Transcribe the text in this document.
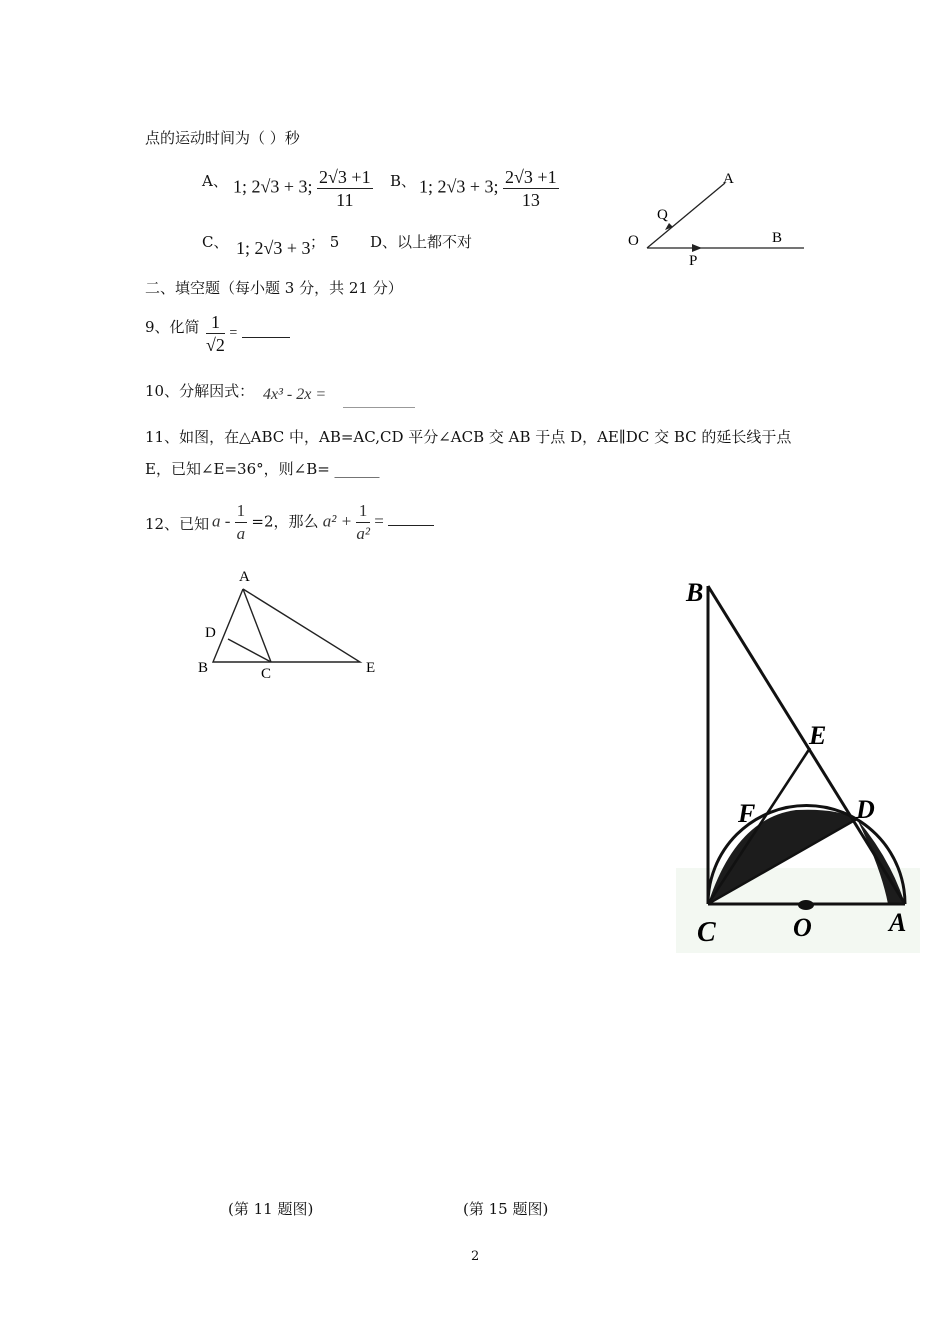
点的运动时间为（ ）秒
A、 1; 2√3 + 3; $\frac{2√3 +1}{11}$ B、 1; 2√3 + 3; $\frac{2√3 +1}{13}$
C、 1; 2√3 + 3 ； 5 D、以上都不对
A
Q
O	B
P
二、填空题（每小题 3 分，共 21 分）
9、化简 $\frac{1}{√2}$ =
10、分解因式： 4x³ - 2x =
11、如图，在△ABC 中，AB=AC,CD 平分∠ACB 交 AB 于点 D，AE∥DC 交 BC 的延长线于点
E，已知∠E=36°，则∠B= ______
12、已知 $a - \frac{1}{a} =2$，那么 $a^2 + \frac{1}{\text{a²}}$ =
A
D
B	C	E
B
E
F	D
C	O	A
(第 11 题图)	(第 15 题图)
2
